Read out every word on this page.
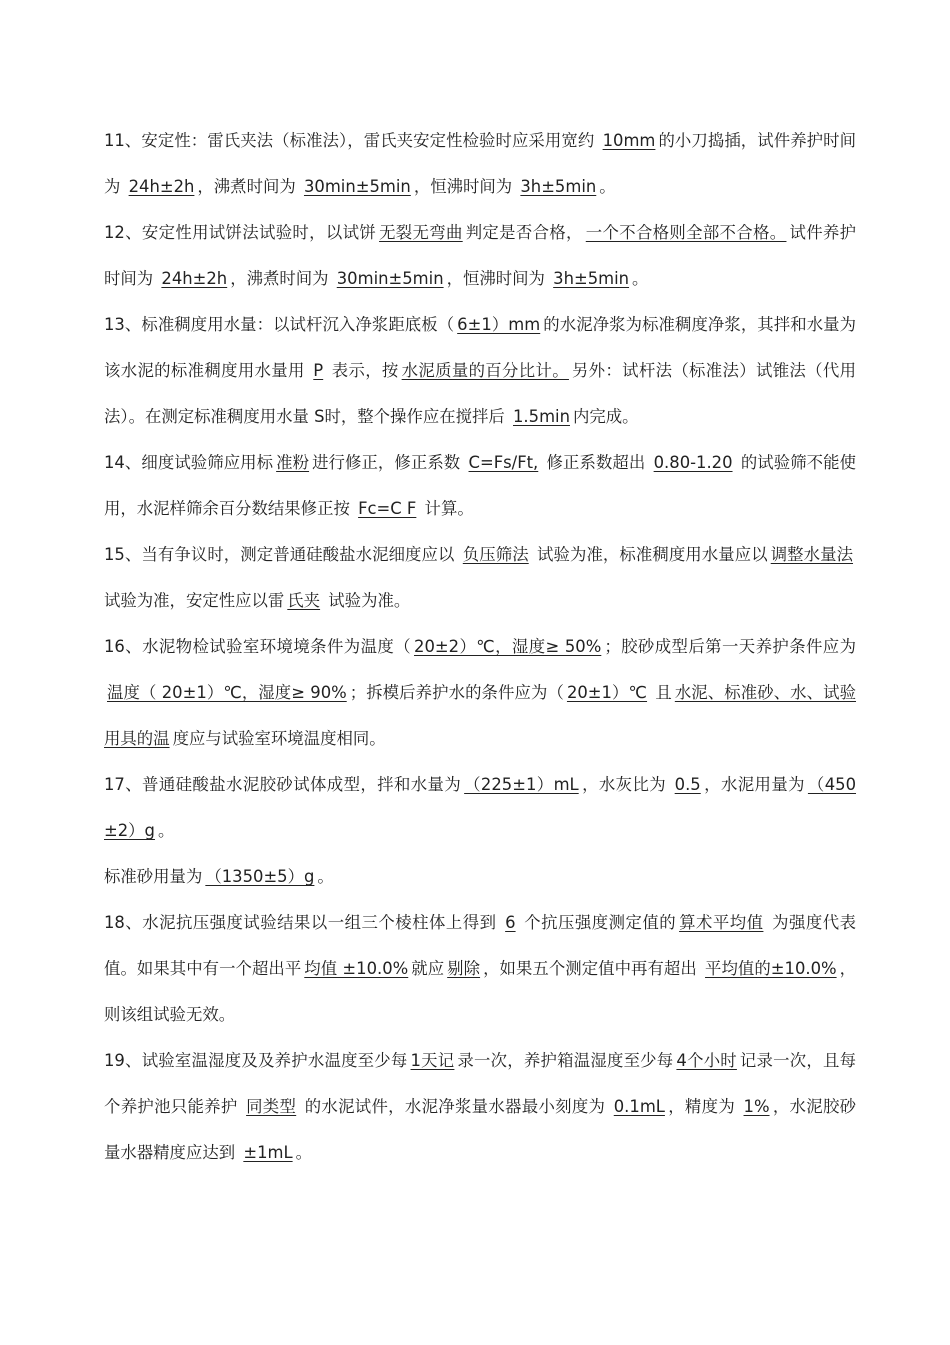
11、安定性：雷氏夹法（标准法），雷氏夹安定性检验时应采用宽约 10mm 的小刀捣插，试件养护时间为 24h±2h ，沸煮时间为 30min±5min ，恒沸时间为 3h±5min 。

12、安定性用试饼法试验时，以试饼 无裂无弯曲 判定是否合格， 一个不合格则全部不合格。 试件养护时间为 24h±2h ，沸煮时间为 30min±5min ，恒沸时间为 3h±5min 。

13、标准稠度用水量：以试杆沉入净浆距底板（ 6±1）mm 的水泥净浆为标准稠度净浆，其拌和水量为该水泥的标准稠度用水量用 P 表示，按 水泥质量的百分比计。 另外：试杆法（标准法）试锥法（代用法）。在测定标准稠度用水量 S时，整个操作应在搅拌后 1.5min 内完成。

14、细度试验筛应用标 准粉 进行修正，修正系数 C=Fs/Ft, 修正系数超出 0.80-1.20 的试验筛不能使用，水泥样筛余百分数结果修正按 Fc=C F 计算。

15、当有争议时，测定普通硅酸盐水泥细度应以 负压筛法 试验为准，标准稠度用水量应以 调整水量法 试验为准，安定性应以雷 氏夹 试验为准。

16、水泥物检试验室环境境条件为温度（ 20±2）℃，湿度≥ 50% ；胶砂成型后第一天养护条件应为温度（ 20±1）℃，湿度≥ 90% ；拆模后养护水的条件应为（ 20±1）℃ 且 水泥、标准砂、水、试验用具的温 度应与试验室环境温度相同。

17、普通硅酸盐水泥胶砂试体成型，拌和水量为 （225±1）mL ，水灰比为 0.5 ，水泥用量为 （450±2）g 。

标准砂用量为 （1350±5）g 。

18、水泥抗压强度试验结果以一组三个棱柱体上得到 6 个抗压强度测定值的 算术平均值 为强度代表值。如果其中有一个超出平 均值 ±10.0% 就应 剔除 ，如果五个测定值中再有超出 平均值的±10.0% ，则该组试验无效。

19、试验室温湿度及及养护水温度至少每 1天记 录一次，养护箱温湿度至少每 4个小时 记录一次，且每个养护池只能养护 同类型 的水泥试件，水泥净浆量水器最小刻度为 0.1mL ，精度为 1% ，水泥胶砂量水器精度应达到 ±1mL 。
